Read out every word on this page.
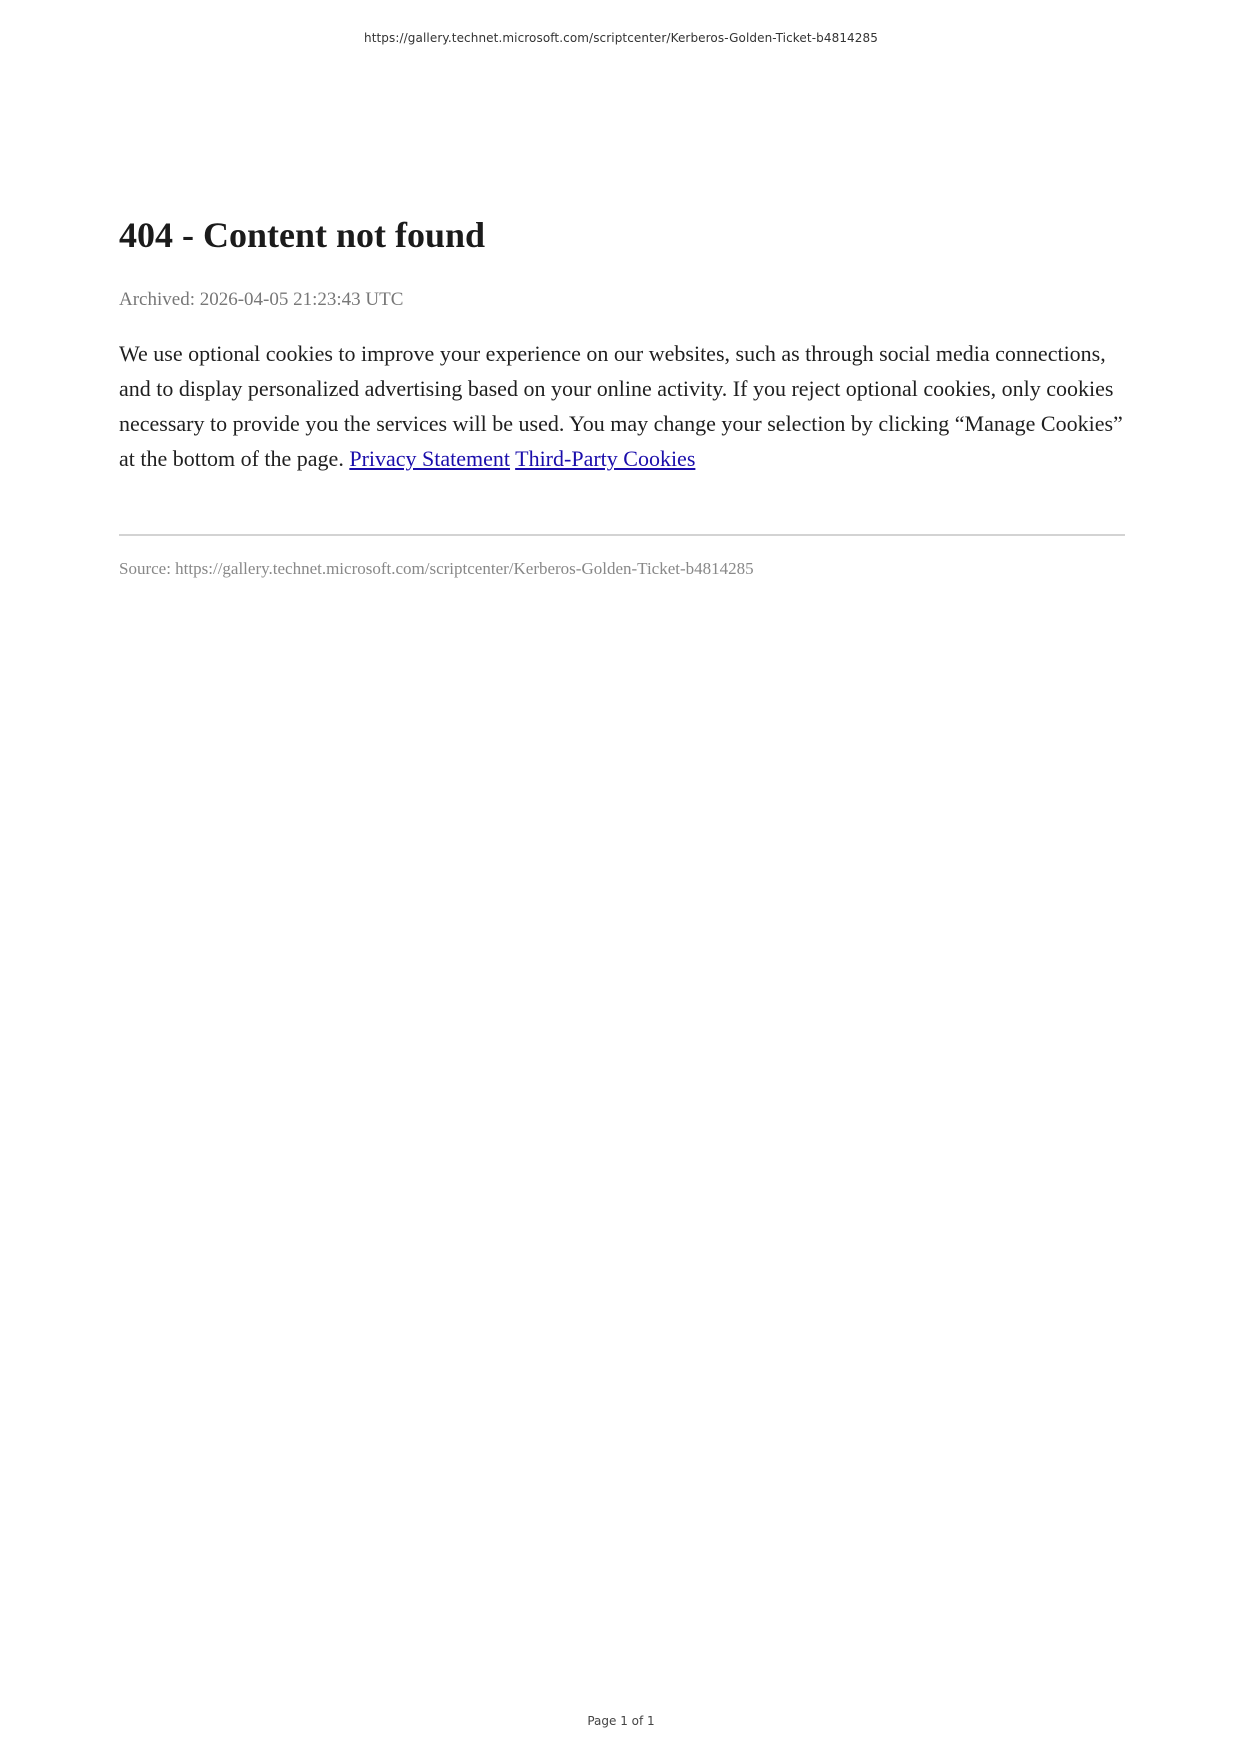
https://gallery.technet.microsoft.com/scriptcenter/Kerberos-Golden-Ticket-b4814285
404 - Content not found
Archived: 2026-04-05 21:23:43 UTC

We use optional cookies to improve your experience on our websites, such as through social media connections, and to display personalized advertising based on your online activity. If you reject optional cookies, only cookies necessary to provide you the services will be used. You may change your selection by clicking “Manage Cookies” at the bottom of the page. Privacy Statement Third-Party Cookies

Source: https://gallery.technet.microsoft.com/scriptcenter/Kerberos-Golden-Ticket-b4814285
Page 1 of 1
